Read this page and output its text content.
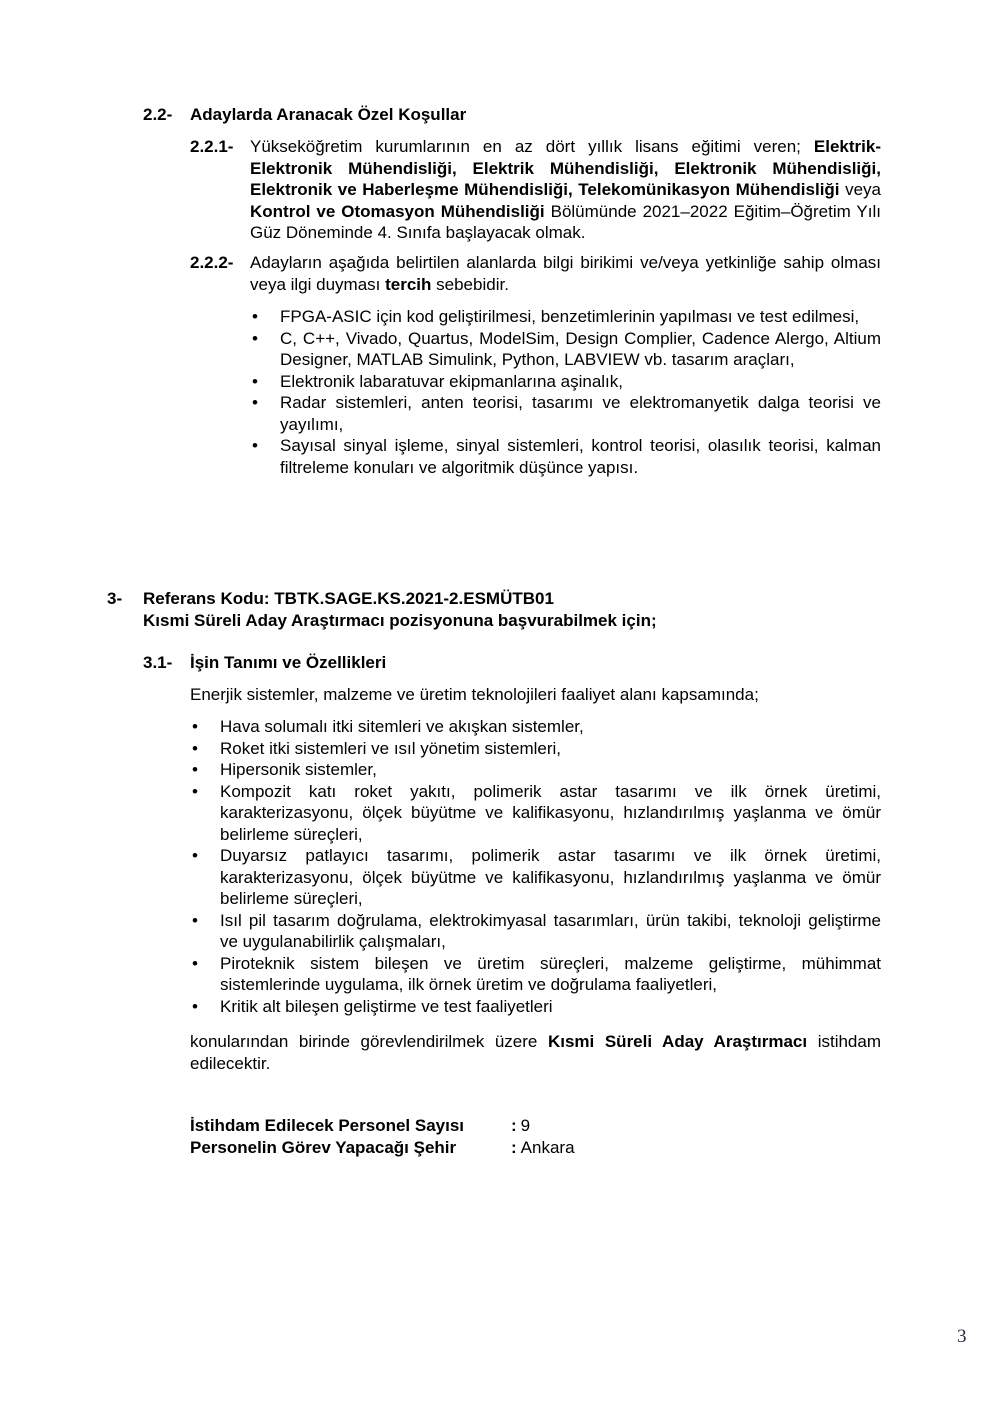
2.2-	Adaylarda Aranacak Özel Koşullar
2.2.1- Yükseköğretim kurumlarının en az dört yıllık lisans eğitimi veren; Elektrik-Elektronik Mühendisliği, Elektrik Mühendisliği, Elektronik Mühendisliği, Elektronik ve Haberleşme Mühendisliği, Telekomünikasyon Mühendisliği veya Kontrol ve Otomasyon Mühendisliği Bölümünde 2021–2022 Eğitim–Öğretim Yılı Güz Döneminde 4. Sınıfa başlayacak olmak.
2.2.2- Adayların aşağıda belirtilen alanlarda bilgi birikimi ve/veya yetkinliğe sahip olması veya ilgi duyması tercih sebebidir.
• FPGA-ASIC için kod geliştirilmesi, benzetimlerinin yapılması ve test edilmesi,
• C, C++, Vivado, Quartus, ModelSim, Design Complier, Cadence Alergo, Altium Designer, MATLAB Simulink, Python, LABVIEW vb. tasarım araçları,
• Elektronik labaratuvar ekipmanlarına aşinalık,
• Radar sistemleri, anten teorisi, tasarımı ve elektromanyetik dalga teorisi ve yayılımı,
• Sayısal sinyal işleme, sinyal sistemleri, kontrol teorisi, olasılık teorisi, kalman filtreleme konuları ve algoritmik düşünce yapısı.
3-	Referans Kodu: TBTK.SAGE.KS.2021-2.ESMÜTB01
Kısmi Süreli Aday Araştırmacı pozisyonuna başvurabilmek için;
3.1-	İşin Tanımı ve Özellikleri
Enerjik sistemler, malzeme ve üretim teknolojileri faaliyet alanı kapsamında;
• Hava solumalı itki sitemleri ve akışkan sistemler,
• Roket itki sistemleri ve ısıl yönetim sistemleri,
• Hipersonik sistemler,
• Kompozit katı roket yakıtı, polimerik astar tasarımı ve ilk örnek üretimi, karakterizasyonu, ölçek büyütme ve kalifikasyonu, hızlandırılmış yaşlanma ve ömür belirleme süreçleri,
• Duyarsız patlayıcı tasarımı, polimerik astar tasarımı ve ilk örnek üretimi, karakterizasyonu, ölçek büyütme ve kalifikasyonu, hızlandırılmış yaşlanma ve ömür belirleme süreçleri,
• Isıl pil tasarım doğrulama, elektrokimyasal tasarımları, ürün takibi, teknoloji geliştirme ve uygulanabilirlik çalışmaları,
• Piroteknik sistem bileşen ve üretim süreçleri, malzeme geliştirme, mühimmat sistemlerinde uygulama, ilk örnek üretim ve doğrulama faaliyetleri,
• Kritik alt bileşen geliştirme ve test faaliyetleri
konularından birinde görevlendirilmek üzere Kısmi Süreli Aday Araştırmacı istihdam edilecektir.
İstihdam Edilecek Personel Sayısı	: 9
Personelin Görev Yapacağı Şehir	: Ankara
3
